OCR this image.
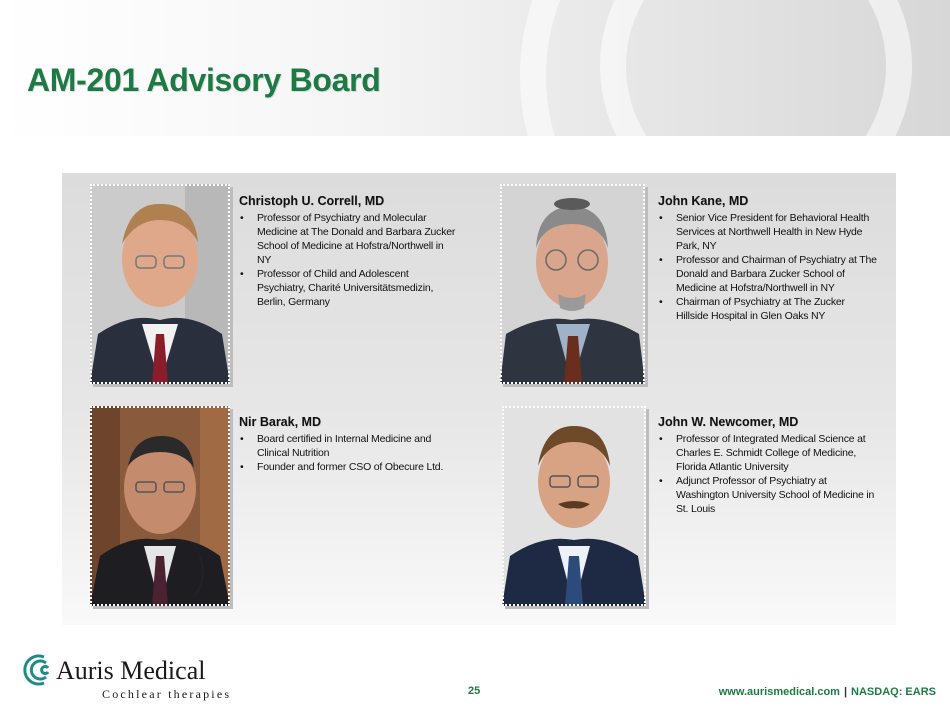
AM-201 Advisory Board
Christoph U. Correll, MD
• Professor of Psychiatry and Molecular Medicine at The Donald and Barbara Zucker School of Medicine at Hofstra/Northwell in NY
• Professor of Child and Adolescent Psychiatry, Charité Universitätsmedizin, Berlin, Germany
John Kane, MD
• Senior Vice President for Behavioral Health Services at Northwell Health in New Hyde Park, NY
• Professor and Chairman of Psychiatry at The Donald and Barbara Zucker School of Medicine at Hofstra/Northwell in NY
• Chairman of Psychiatry at The Zucker Hillside Hospital in Glen Oaks NY
Nir Barak, MD
• Board certified in Internal Medicine and Clinical Nutrition
• Founder and former CSO of Obecure Ltd.
John W. Newcomer, MD
• Professor of Integrated Medical Science at Charles E. Schmidt College of Medicine, Florida Atlantic University
• Adjunct Professor of Psychiatry at Washington University School of Medicine in St. Louis
Auris Medical
Cochlear therapies	25	www.aurismedical.com | NASDAQ: EARS
